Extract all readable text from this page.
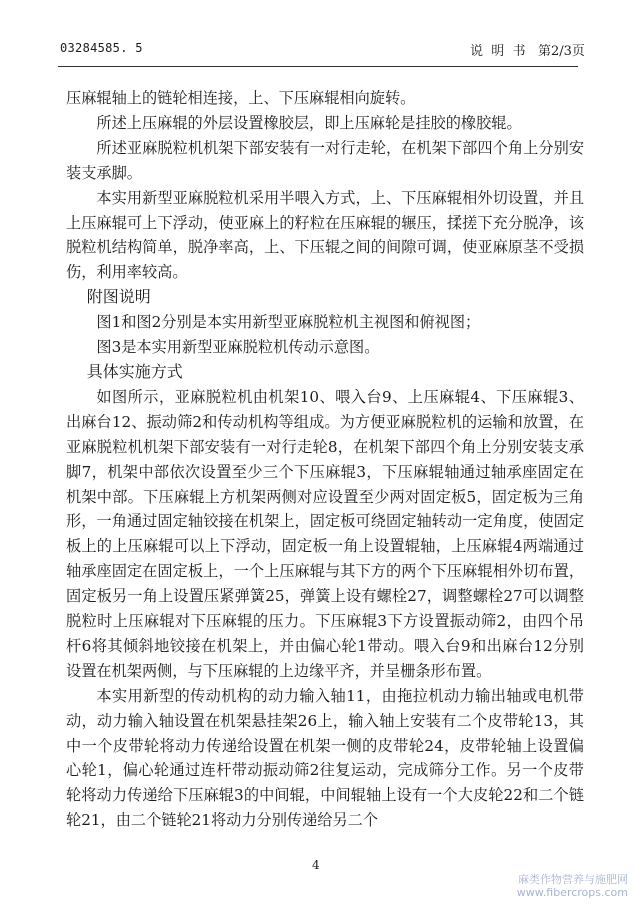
03284585. 5	说  明  书 第2/3页

压麻辊轴上的链轮相连接，上、下压麻辊相向旋转。

所述上压麻辊的外层设置橡胶层，即上压麻轮是挂胶的橡胶辊。

所述亚麻脱粒机机架下部安装有一对行走轮，在机架下部四个角上分别安装支承脚。

本实用新型亚麻脱粒机采用半喂入方式，上、下压麻辊相外切设置，并且上压麻辊可上下浮动，使亚麻上的籽粒在压麻辊的辗压，揉搓下充分脱净，该脱粒机结构简单，脱净率高，上、下压辊之间的间隙可调，使亚麻原茎不受损伤，利用率较高。

附图说明

图1和图2分别是本实用新型亚麻脱粒机主视图和俯视图；

图3是本实用新型亚麻脱粒机传动示意图。

具体实施方式

如图所示，亚麻脱粒机由机架10、喂入台9、上压麻辊4、下压麻辊3、出麻台12、振动筛2和传动机构等组成。为方便亚麻脱粒机的运输和放置，在亚麻脱粒机机架下部安装有一对行走轮8，在机架下部四个角上分别安装支承脚7，机架中部依次设置至少三个下压麻辊3，下压麻辊轴通过轴承座固定在机架中部。下压麻辊上方机架两侧对应设置至少两对固定板5，固定板为三角形，一角通过固定轴铰接在机架上，固定板可绕固定轴转动一定角度，使固定板上的上压麻辊可以上下浮动，固定板一角上设置辊轴，上压麻辊4两端通过轴承座固定在固定板上，一个上压麻辊与其下方的两个下压麻辊相外切布置，固定板另一角上设置压紧弹簧25，弹簧上设有螺栓27，调整螺栓27可以调整脱粒时上压麻辊对下压麻辊的压力。下压麻辊3下方设置振动筛2，由四个吊杆6将其倾斜地铰接在机架上，并由偏心轮1带动。喂入台9和出麻台12分别设置在机架两侧，与下压麻辊的上边缘平齐，并呈栅条形布置。

本实用新型的传动机构的动力输入轴11，由拖拉机动力输出轴或电机带动，动力输入轴设置在机架悬挂架26上，输入轴上安装有二个皮带轮13，其中一个皮带轮将动力传递给设置在机架一侧的皮带轮24，皮带轮轴上设置偏心轮1，偏心轮通过连杆带动振动筛2往复运动，完成筛分工作。另一个皮带轮将动力传递给下压麻辊3的中间辊，中间辊轴上设有一个大皮轮22和二个链轮21，由二个链轮21将动力分别传递给另二个

4
麻类作物营养与施肥网
www.fibercrops.com
